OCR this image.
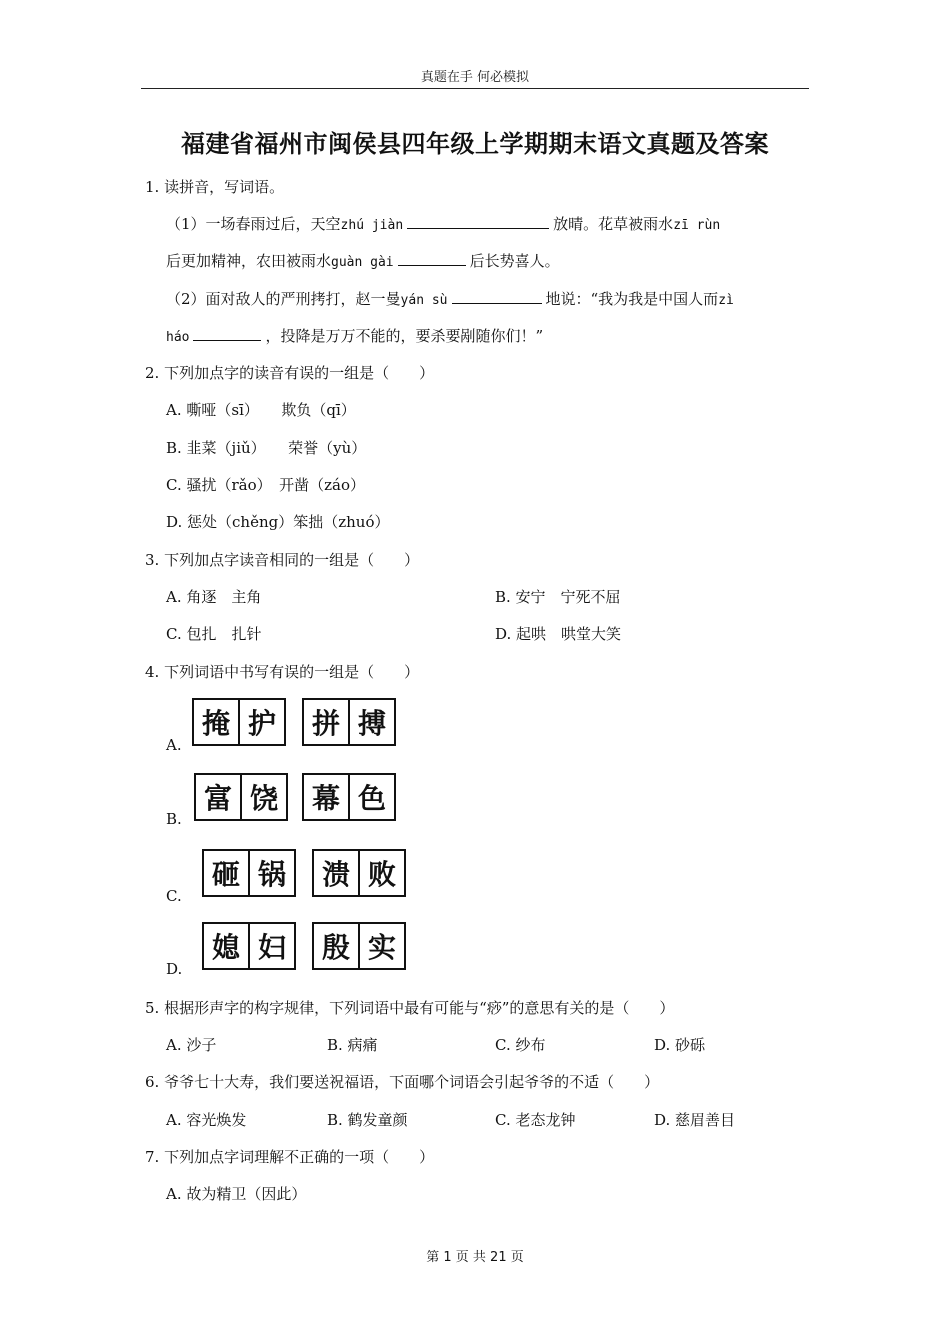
真题在手 何必模拟
福建省福州市闽侯县四年级上学期期末语文真题及答案
1. 读拼音，写词语。
（1）一场春雨过后，天空zhú jiàn	放晴。花草被雨水zī rùn
后更加精神，农田被雨水guàn gài	后长势喜人。
（2）面对敌人的严刑拷打，赵一曼yán sù	地说：“我为我是中国人而zì
háo	，投降是万万不能的，要杀要剐随你们！”
2. 下列加点字的读音有误的一组是（　　）
A. 嘶哑（sī）　　欺负（qī）
B. 韭菜（jiǔ）　　荣誉（yù）
C. 骚扰（rǎo）　开凿（záo）
D. 惩处（chěng）笨拙（zhuó）
3. 下列加点字读音相同的一组是（　　）
A. 角逐　主角	B. 安宁　宁死不屈
C. 包扎　扎针	D. 起哄　哄堂大笑
4. 下列词语中书写有误的一组是（　　）
A.
掩 护 拼 搏
B.
富 饶 幕 色
C.
砸 锅 溃 败
D.
媳 妇 殷 实
5. 根据形声字的构字规律，下列词语中最有可能与“痧”的意思有关的是（　　）
A. 沙子	B. 病痛	C. 纱布	D. 砂砾
6. 爷爷七十大寿，我们要送祝福语，下面哪个词语会引起爷爷的不适（　　）
A. 容光焕发	B. 鹤发童颜	C. 老态龙钟	D. 慈眉善目
7. 下列加点字词理解不正确的一项（　　）
A. 故为精卫（因此）
第 1 页 共 21 页
